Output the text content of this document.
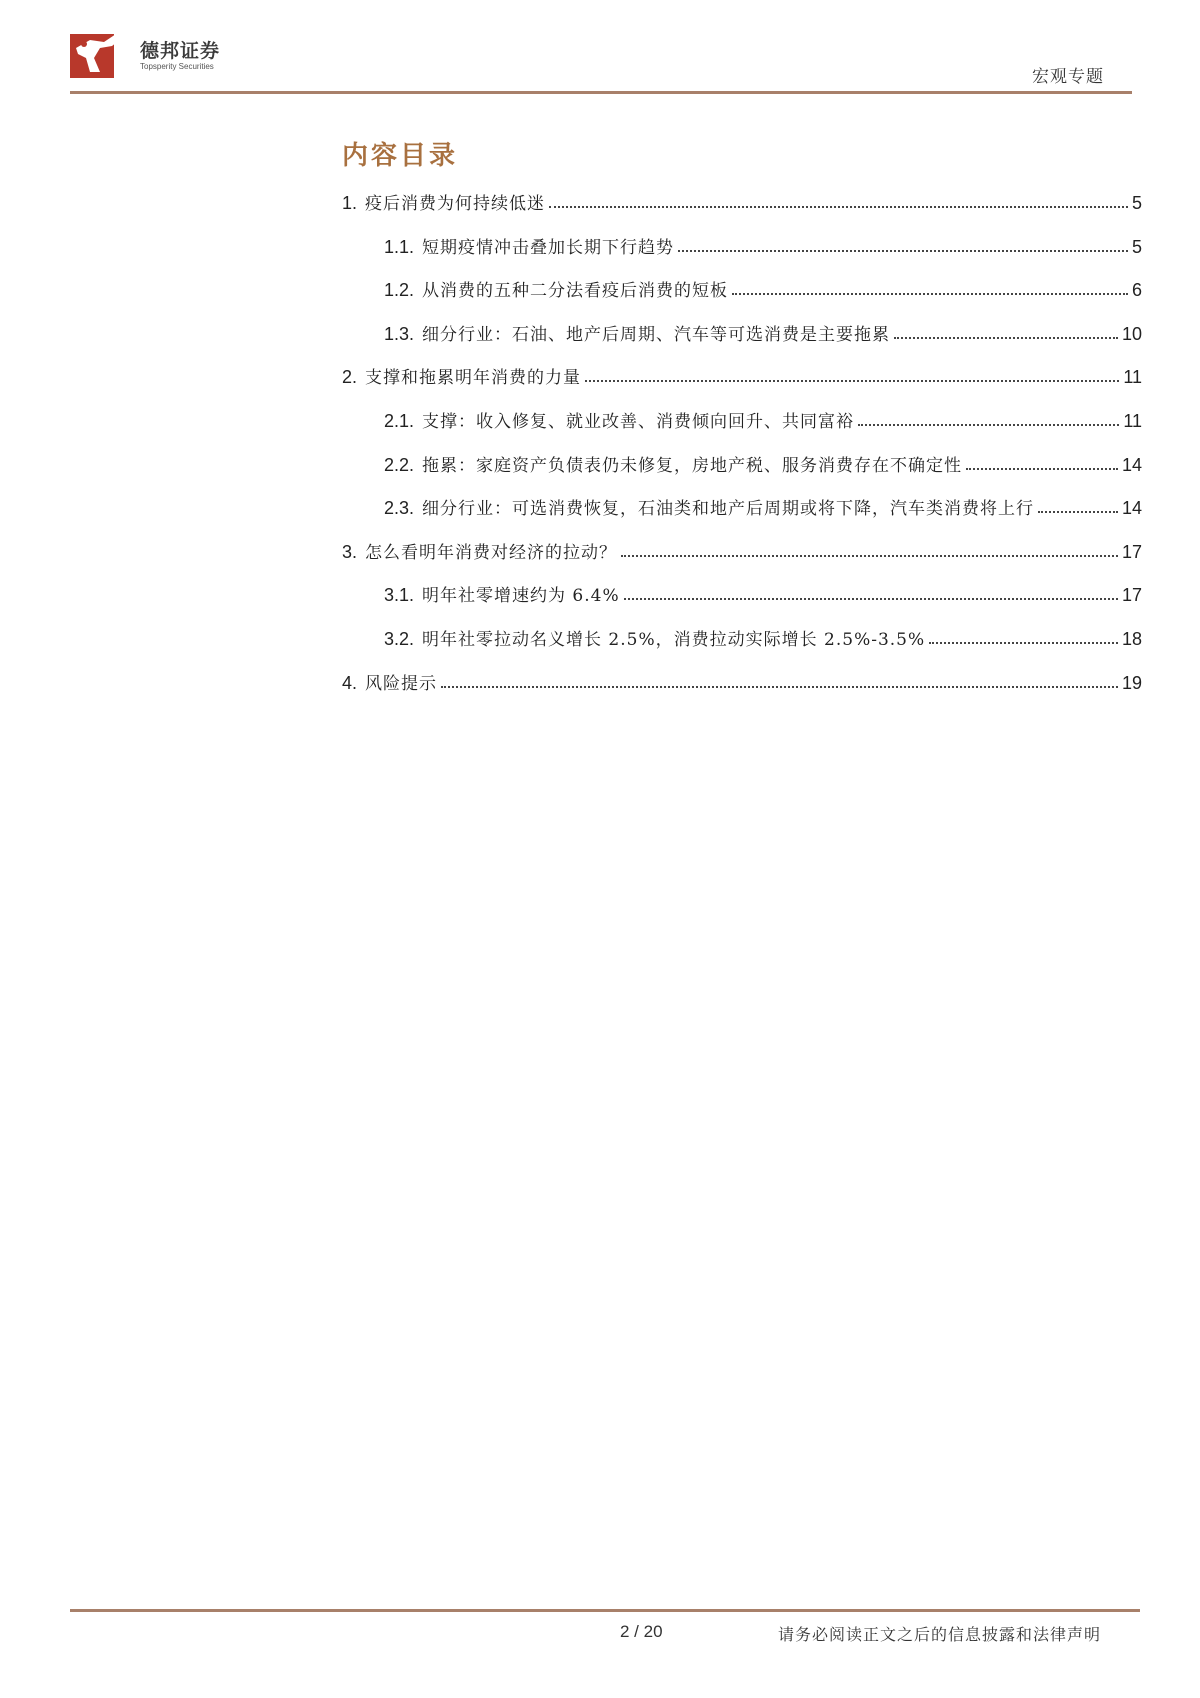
德邦证券
Topsperity Securities
宏观专题
内容目录
1. 疫后消费为何持续低迷	5
1.1. 短期疫情冲击叠加长期下行趋势	5
1.2. 从消费的五种二分法看疫后消费的短板	6
1.3. 细分行业：石油、地产后周期、汽车等可选消费是主要拖累	10
2. 支撑和拖累明年消费的力量	11
2.1. 支撑：收入修复、就业改善、消费倾向回升、共同富裕	11
2.2. 拖累：家庭资产负债表仍未修复，房地产税、服务消费存在不确定性	14
2.3. 细分行业：可选消费恢复，石油类和地产后周期或将下降，汽车类消费将上行	14
3. 怎么看明年消费对经济的拉动？	17
3.1. 明年社零增速约为 6.4%	17
3.2. 明年社零拉动名义增长 2.5%，消费拉动实际增长 2.5%-3.5%	18
4. 风险提示	19
2 / 20	请务必阅读正文之后的信息披露和法律声明
